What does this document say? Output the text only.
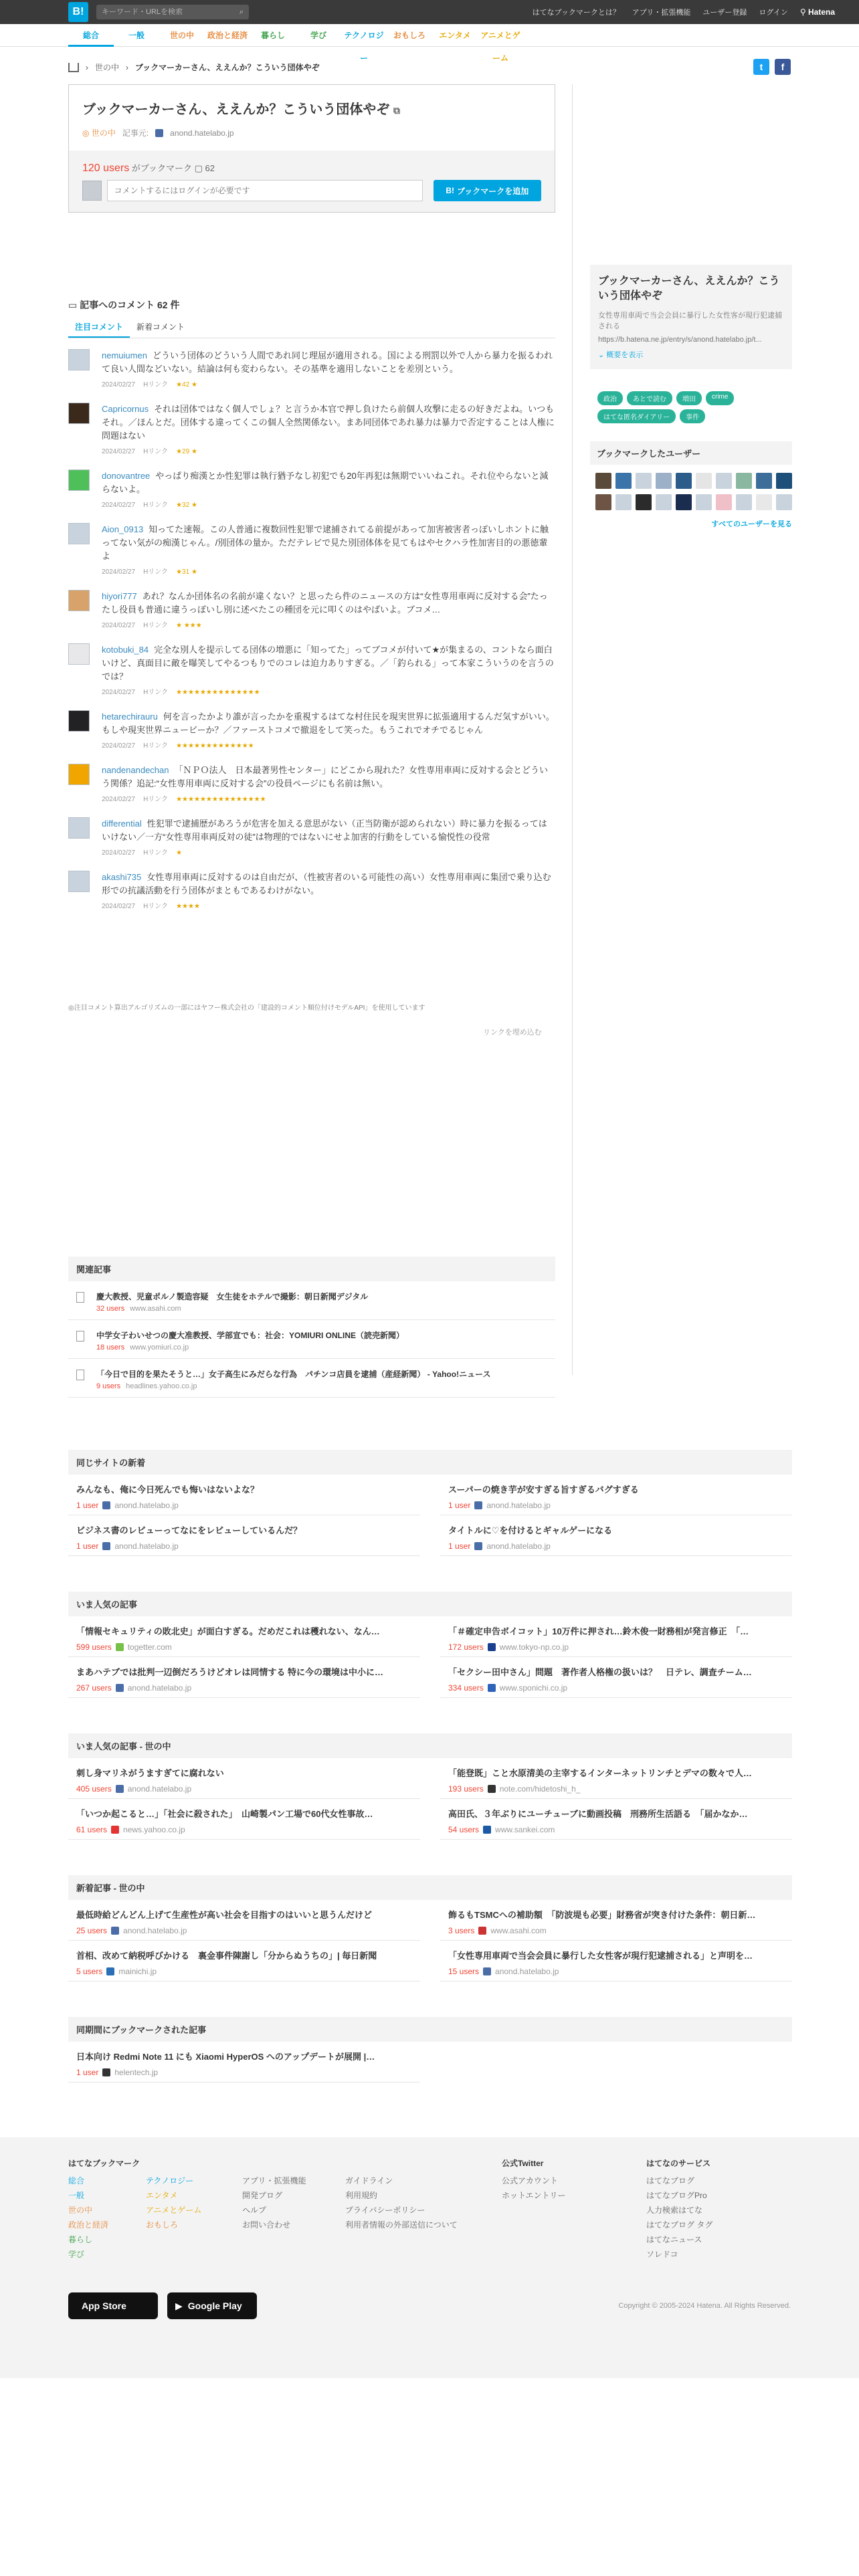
B!
キーワード・URLを検索	⌕	はてなブックマークとは？ アプリ・拡張機能 ユーザー登録 ログイン ⚲ Hatena
総合	一般	世の中	政治と経済	暮らし	学び	テクノロジー
おもしろ	エンタメ	アニメとゲーム
› 世の中 › ブックマーカーさん、ええんか？こういう団体やぞ	t	f
ブックマーカーさん、ええんか？こういう団体やぞ ⧉
◎ 世の中 記事元:	anond.hatelabo.jp
120 users がブックマーク ▢ 62
コメントするにはログインが必要です
B! ブックマークを追加
▭ 記事へのコメント 62 件
注目コメント	新着コメント
nemuiumen どういう団体のどういう人間であれ同じ理屈が適用される。国による刑罰以外で人から暴力を振るわれて良い人間などいない。結論は何も変わらない。その基準を適用しないことを差別という。
2024/02/27 Hリンク ★42 ★
Capricornus それは団体ではなく個人でしょ？と言うか本官で押し負けたら前個人攻撃に走るの好きだよね。いつもそれ。／ほんとだ。団体する違ってくこの個人全然関係ない。まあ同団体であれ暴力は暴力で否定することは人権に問題はない
2024/02/27 Hリンク ★29 ★
donovantree やっぱり痴漢とか性犯罪は執行猶予なし初犯でも20年再犯は無期でいいねこれ。それ位やらないと減らないよ。
2024/02/27 Hリンク ★32 ★
Aion_0913 知ってた速報。この人普通に複数回性犯罪で逮捕されてる前提があって加害被害者っぽいしホントに触ってない気がの痴漢じゃん。/別団体の量か。ただテレビで見た別団体体を見てもはやセクハラ性加害目的の悪徳輩よ
2024/02/27 Hリンク ★31 ★
hiyori777 あれ？なんか団体名の名前が違くない？と思ったら件のニュースの方は“女性専用車両に反対する会”たったし役員も普通に違うっぽいし別に述べたこの種団を元に叩くのはやばいよ。ブコメ…
2024/02/27 Hリンク ★ ★★★
kotobuki_84 完全な別人を提示してる団体の増悪に「知ってた」ってブコメが付いて★が集まるの、コントなら面白いけど、真面目に敵を曝笑してやるつもりでのコレは迫力ありすぎる。／「釣られる」って本家こういうのを言うのでは？
2024/02/27 Hリンク ★★★★★★★★★★★★★★
hetarechirauru 何を言ったかより誰が言ったかを重視するはてな村住民を現実世界に拡張適用するんだ気すがいい。もしや現実世界ニュービーか？／ファーストコメで撤退をして笑った。もうこれでオチでるじゃん
2024/02/27 Hリンク ★★★★★★★★★★★★★
nandenandechan 「ＮＰＯ法人　日本最著男性センター」にどこから現れた？女性専用車両に反対する会とどういう関係？追記:“女性専用車両に反対する会”の役員ページにも名前は無い。
2024/02/27 Hリンク ★★★★★★★★★★★★★★★
differential 性犯罪で逮捕歴があろうが危害を加える意思がない（正当防衛が認められない）時に暴力を振るってはいけない／一方“女性専用車両反対の徒”は物理的ではないにせよ加害的行動をしている愉悦性の役常
2024/02/27 Hリンク ★
akashi735 女性専用車両に反対するのは自由だが、（性被害者のいる可能性の高い）女性専用車両に集団で乗り込む形での抗議活動を行う団体がまともであるわけがない。
2024/02/27 Hリンク ★★★★
◎注目コメント算出アルゴリズムの一部にはヤフー株式会社の「建設的コメント順位付けモデルAPI」を使用しています
リンクを埋め込む
ブックマーカーさん、ええんか？こういう団体やぞ
女性専用車両で当会会員に暴行した女性客が現行犯逮捕される
https://b.hatena.ne.jp/entry/s/anond.hatelabo.jp/t...
⌄ 概要を表示
政治	あとで読む	増田	crime
はてな匿名ダイアリー	事件
ブックマークしたユーザー
すべてのユーザーを見る
関連記事
慶大教授、児童ポルノ製造容疑　女生徒をホテルで撮影：朝日新聞デジタル
32 users www.asahi.com
中学女子わいせつの慶大准教授、学部宣でも：社会：YOMIURI ONLINE（読売新聞）
18 users www.yomiuri.co.jp
「今日で目的を果たそうと…」女子高生にみだらな行為　パチンコ店員を逮捕（産経新聞） - Yahoo!ニュース
9 users headlines.yahoo.co.jp
同じサイトの新着
みんなも、俺に今日死んでも悔いはないよな？
1 user anond.hatelabo.jp
スーパーの焼き芋が安すぎる旨すぎるバグすぎる
1 user anond.hatelabo.jp
ビジネス書のレビューってなにをレビューしているんだ？
1 user anond.hatelabo.jp
タイトルに♡を付けるとギャルゲーになる
1 user anond.hatelabo.jp
いま人気の記事
「情報セキュリティの敗北史」が面白すぎる。だめだこれは穫れない、なん…
599 users togetter.com
「＃確定申告ボイコット」10万件に押され…鈴木俊一財務相が発言修正　「…
172 users www.tokyo-np.co.jp
まあハテブでは批判一辺倒だろうけどオレは同情する 特に今の環境は中小に…
267 users anond.hatelabo.jp
「セクシー田中さん」問題　著作者人格権の扱いは？　日テレ、調査チーム…
334 users www.sponichi.co.jp
いま人気の記事 - 世の中
刺し身マリネがうますぎてに腐れない
405 users anond.hatelabo.jp
「能登既」こと水原清美の主宰するインターネットリンチとデマの数々で人…
193 users note.com/hidetoshi_h_
「いつか起こると…」「社会に殺された」　山崎製パン工場で60代女性事故…
61 users news.yahoo.co.jp
高田氏、３年ぶりにユーチューブに動画投稿　刑務所生活語る　「届かなか…
54 users www.sankei.com
新着記事 - 世の中
最低時給どんどん上げて生産性が高い社会を目指すのはいいと思うんだけど
25 users anond.hatelabo.jp
飾るもTSMCへの補助額　「防波堤も必要」財務省が突き付けた条件：朝日新…
3 users www.asahi.com
首相、改めて納税呼びかける　裏金事件陳謝し「分からぬうちの」| 毎日新聞
5 users mainichi.jp
「女性専用車両で当会会員に暴行した女性客が現行犯逮捕される」と声明を…
15 users anond.hatelabo.jp
同期間にブックマークされた記事
日本向け Redmi Note 11 にも Xiaomi HyperOS へのアップデートが展開 |…
1 user helentech.jp
はてなブックマーク
総合
一般
世の中
政治と経済
暮らし
学び
テクノロジー
エンタメ
アニメとゲーム
おもしろ
アプリ・拡張機能
開発ブログ
ヘルプ
お問い合わせ
ガイドライン
利用規約
プライバシーポリシー
利用者情報の外部送信について
公式Twitter
公式アカウント
ホットエントリー
はてなのサービス
はてなブログ
はてなブログPro
人力検索はてな
はてなブログ タグ
はてなニュース
ソレドコ
App Store	▶ Google Play	Copyright © 2005-2024 Hatena. All Rights Reserved.
